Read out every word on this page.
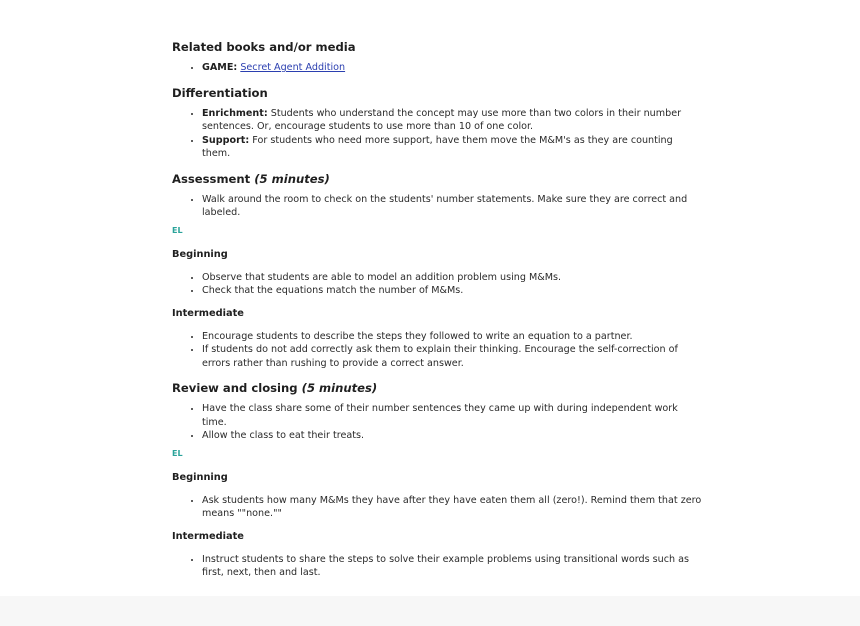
Related books and/or media
• GAME: Secret Agent Addition
Differentiation
• Enrichment: Students who understand the concept may use more than two colors in their number sentences. Or, encourage students to use more than 10 of one color.
• Support: For students who need more support, have them move the M&M's as they are counting them.
Assessment (5 minutes)
• Walk around the room to check on the students' number statements. Make sure they are correct and labeled.

EL

Beginning
• Observe that students are able to model an addition problem using M&Ms.
• Check that the equations match the number of M&Ms.
Intermediate
• Encourage students to describe the steps they followed to write an equation to a partner.
• If students do not add correctly ask them to explain their thinking. Encourage the self-correction of errors rather than rushing to provide a correct answer.
Review and closing (5 minutes)
• Have the class share some of their number sentences they came up with during independent work time.
• Allow the class to eat their treats.

EL

Beginning
• Ask students how many M&Ms they have after they have eaten them all (zero!). Remind them that zero means ""none.""
Intermediate
• Instruct students to share the steps to solve their example problems using transitional words such as first, next, then and last.
